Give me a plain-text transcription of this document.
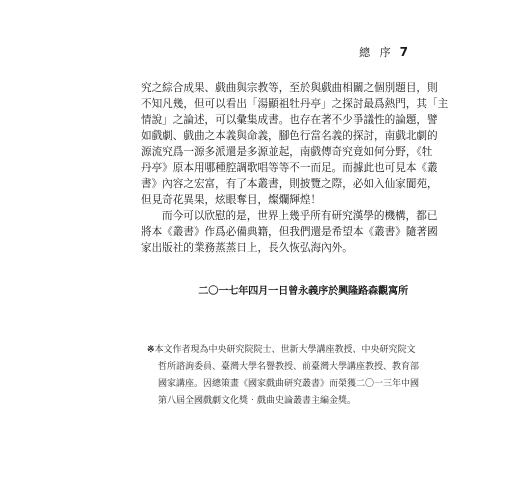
總 序 7
究之綜合成果、戲曲與宗教等，至於與戲曲相關之個別題目，則
不知凡幾，但可以看出「湯顯祖牡丹亭」之探討最爲熱門，其「主
情說」之論述，可以彙集成書。也存在著不少爭議性的論題，譬
如戲劇、戲曲之本義與命義，腳色行當名義的探討，南戲北劇的
源流究爲一源多派還是多源並起，南戲傳奇究竟如何分野，《牡
丹亭》原本用哪種腔調歌唱等等不一而足。而據此也可見本《叢
書》內容之宏富，有了本叢書，則披覽之際，必如入仙家閬苑，
但見奇花異果，炫眼奪目，燦爛輝煌！
而今可以欣慰的是，世界上幾乎所有研究漢學的機構，都已
將本《叢書》作爲必備典籍，但我們還是希望本《叢書》隨著國
家出版社的業務蒸蒸日上，長久恢弘海內外。
二〇一七年四月一日曾永義序於興隆路森觀寓所
※本文作者現為中央研究院院士、世新大學講座教授、中央研究院文
哲所諮詢委員、臺灣大學名譽教授、前臺灣大學講座教授、教育部
國家講座。因總策畫《國家戲曲研究叢書》而榮獲二〇一三年中國
第八屆全國戲劇文化獎‧戲曲史論叢書主編金獎。
